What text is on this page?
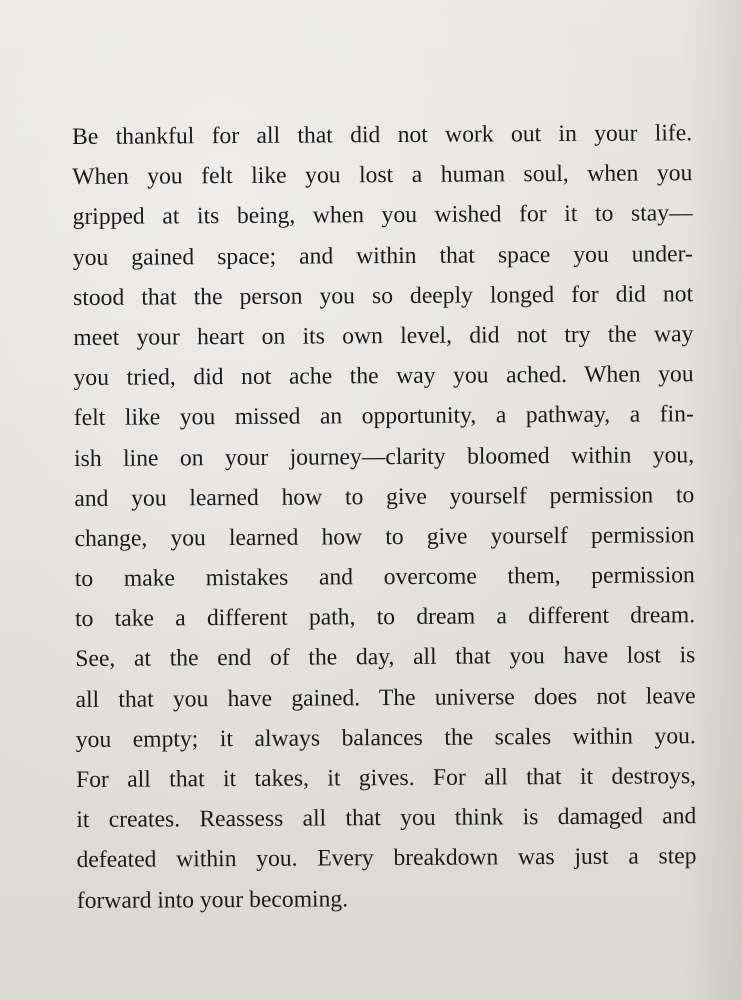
Be thankful for all that did not work out in your life.
When you felt like you lost a human soul, when you
gripped at its being, when you wished for it to stay—
you gained space; and within that space you under-
stood that the person you so deeply longed for did not
meet your heart on its own level, did not try the way
you tried, did not ache the way you ached. When you
felt like you missed an opportunity, a pathway, a fin-
ish line on your journey—clarity bloomed within you,
and you learned how to give yourself permission to
change, you learned how to give yourself permission
to make mistakes and overcome them, permission
to take a different path, to dream a different dream.
See, at the end of the day, all that you have lost is
all that you have gained. The universe does not leave
you empty; it always balances the scales within you.
For all that it takes, it gives. For all that it destroys,
it creates. Reassess all that you think is damaged and
defeated within you. Every breakdown was just a step
forward into your becoming.
